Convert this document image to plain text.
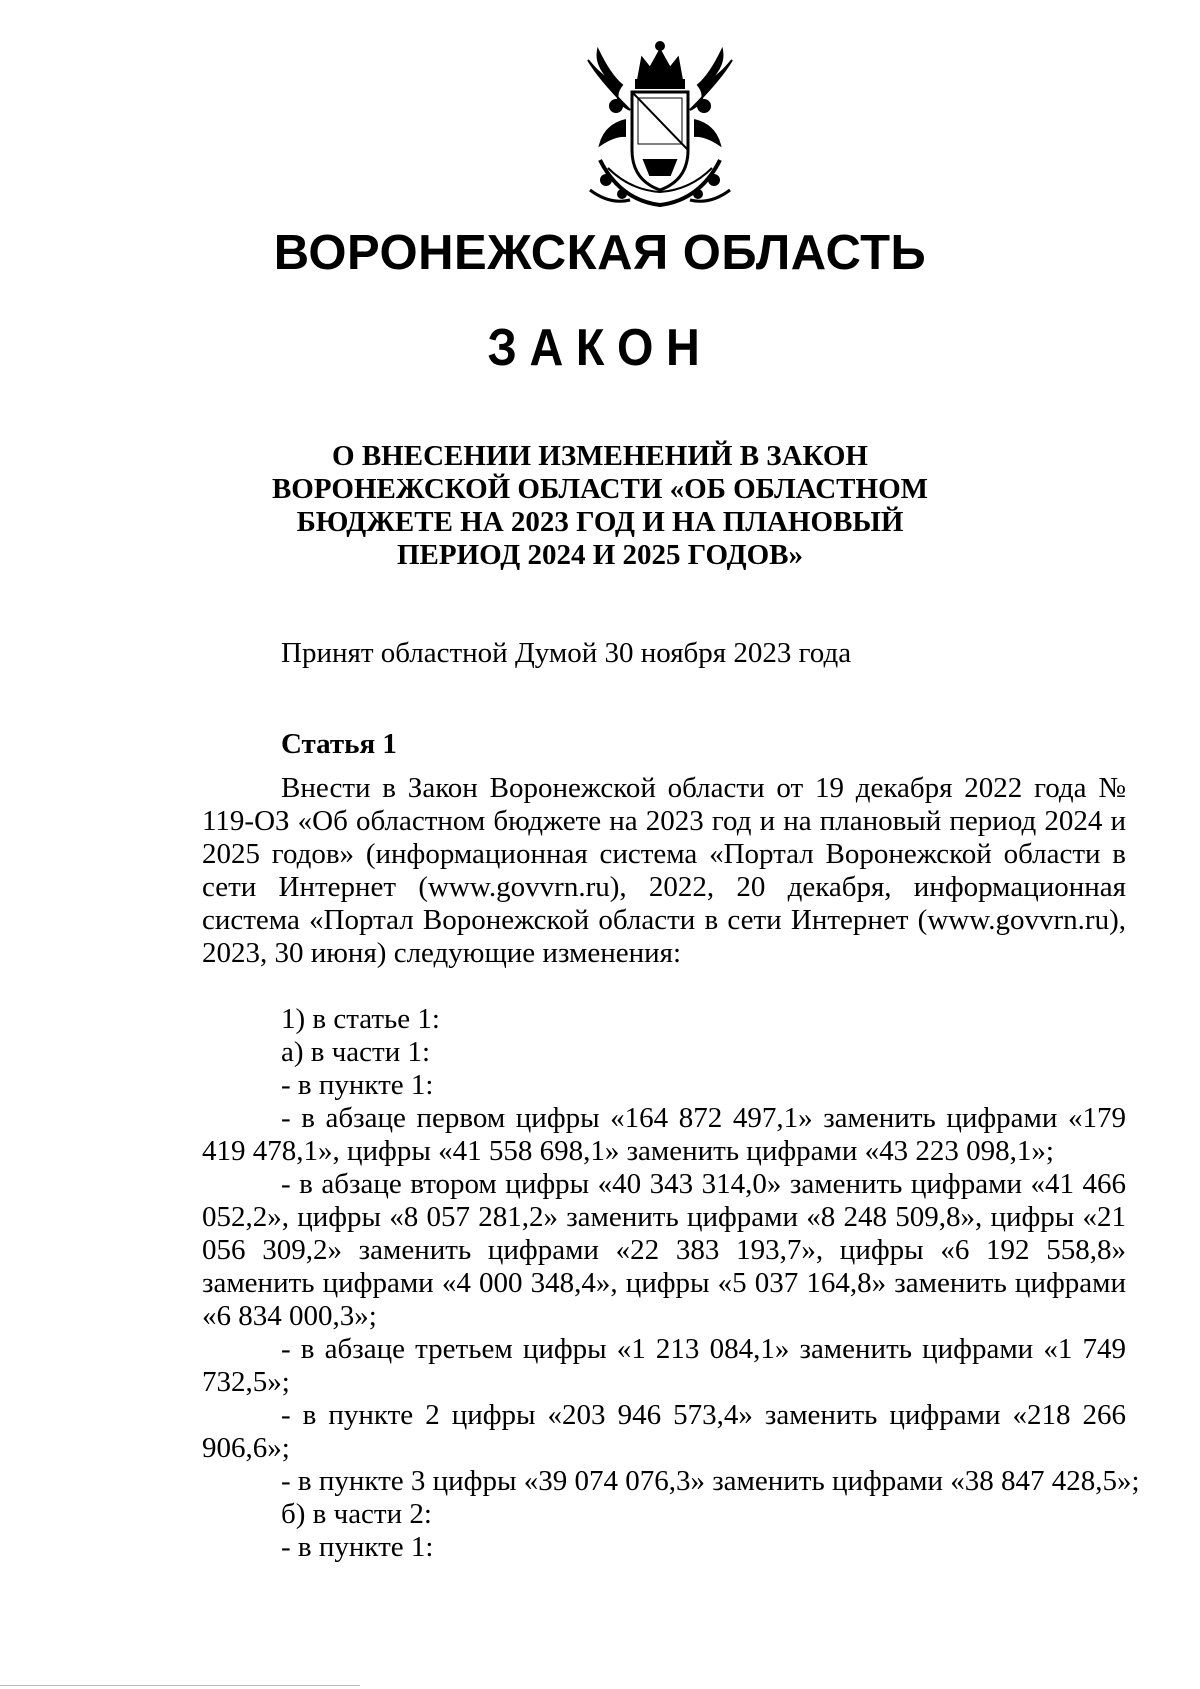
ВОРОНЕЖСКАЯ ОБЛАСТЬ
ЗАКОН
О ВНЕСЕНИИ ИЗМЕНЕНИЙ В ЗАКОН
ВОРОНЕЖСКОЙ ОБЛАСТИ «ОБ ОБЛАСТНОМ
БЮДЖЕТЕ НА 2023 ГОД И НА ПЛАНОВЫЙ
ПЕРИОД 2024 И 2025 ГОДОВ»
Принят областной Думой 30 ноября 2023 года
Статья 1

Внести в Закон Воронежской области от 19 декабря 2022 года № 119-ОЗ «Об областном бюджете на 2023 год и на плановый период 2024 и 2025 годов» (информационная система «Портал Воронежской области в сети Интернет (www.govvrn.ru), 2022, 20 декабря, информационная система «Портал Воронежской области в сети Интернет (www.govvrn.ru), 2023, 30 июня) следующие изменения:

1) в статье 1:

а) в части 1:

- в пункте 1:

- в абзаце первом цифры «164 872 497,1» заменить цифрами «179 419 478,1», цифры «41 558 698,1» заменить цифрами «43 223 098,1»;

- в абзаце втором цифры «40 343 314,0» заменить цифрами «41 466 052,2», цифры «8 057 281,2» заменить цифрами «8 248 509,8», цифры «21 056 309,2» заменить цифрами «22 383 193,7», цифры «6 192 558,8» заменить цифрами «4 000 348,4», цифры «5 037 164,8» заменить цифрами «6 834 000,3»;

- в абзаце третьем цифры «1 213 084,1» заменить цифрами «1 749 732,5»;

- в пункте 2 цифры «203 946 573,4» заменить цифрами «218 266 906,6»;

- в пункте 3 цифры «39 074 076,3» заменить цифрами «38 847 428,5»;

б) в части 2:

- в пункте 1:
